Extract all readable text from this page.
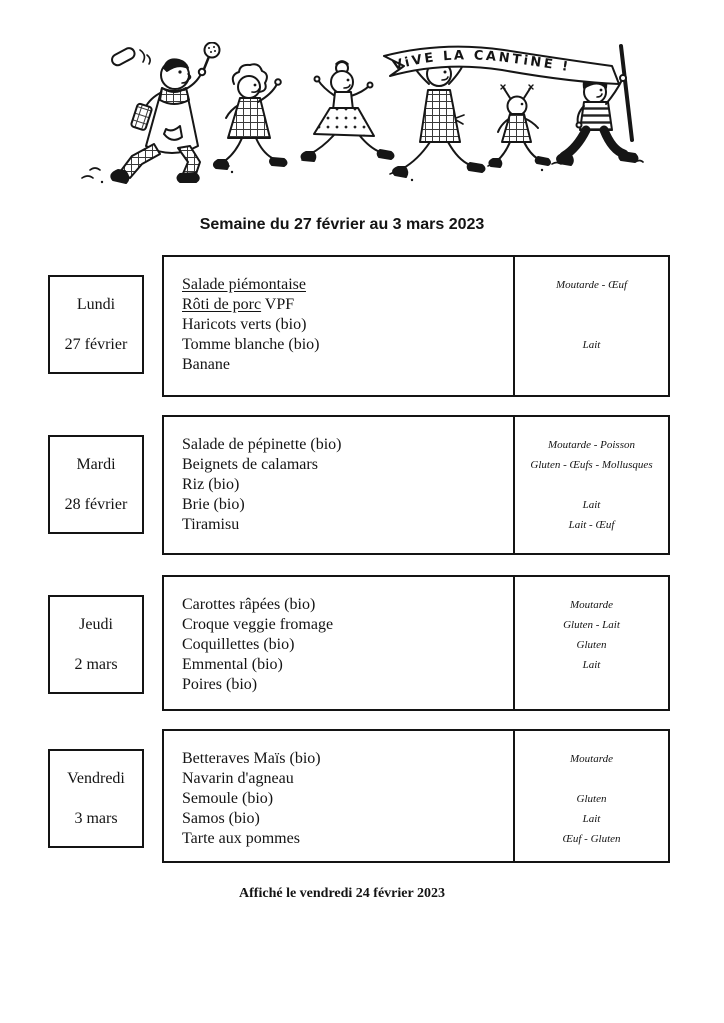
ViVE LA CANTiNE !
Semaine du 27 février au 3 mars 2023
Lundi
27 février
Salade piémontaise
Rôti de porc VPF
Haricots verts (bio)
Tomme blanche (bio)
Banane
Moutarde - Œuf
Lait
Mardi
28 février
Salade de pépinette (bio)
Beignets de calamars
Riz (bio)
Brie (bio)
Tiramisu
Moutarde - Poisson
Gluten - Œufs - Mollusques
Lait
Lait - Œuf
Jeudi
2 mars
Carottes râpées (bio)
Croque veggie fromage
Coquillettes (bio)
Emmental (bio)
Poires (bio)
Moutarde
Gluten - Lait
Gluten
Lait
Vendredi
3 mars
Betteraves Maïs (bio)
Navarin d'agneau
Semoule (bio)
Samos (bio)
Tarte aux pommes
Moutarde
Gluten
Lait
Œuf - Gluten
Affiché le vendredi 24 février 2023
